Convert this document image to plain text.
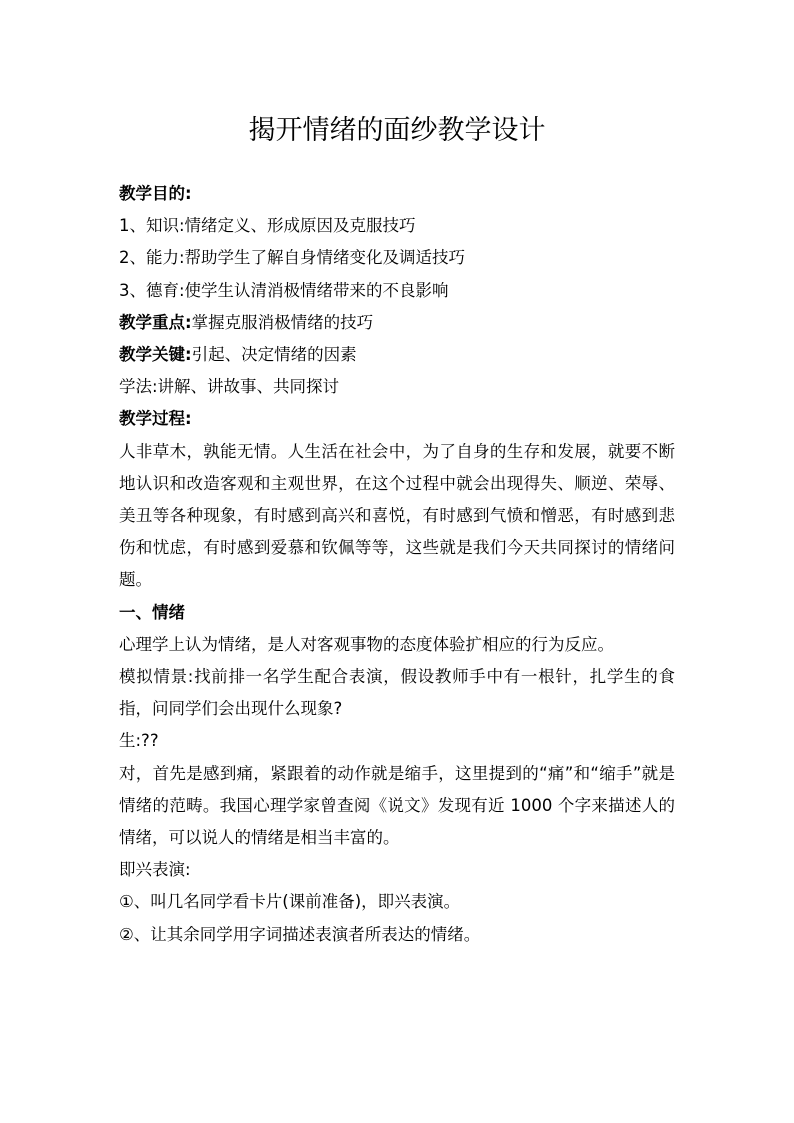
揭开情绪的面纱教学设计

教学目的:

1、知识:情绪定义、形成原因及克服技巧

2、能力:帮助学生了解自身情绪变化及调适技巧

3、德育:使学生认清消极情绪带来的不良影响

教学重点:掌握克服消极情绪的技巧

教学关键:引起、决定情绪的因素

学法:讲解、讲故事、共同探讨

教学过程:

人非草木，孰能无情。人生活在社会中，为了自身的生存和发展，就要不断地认识和改造客观和主观世界，在这个过程中就会出现得失、顺逆、荣辱、美丑等各种现象，有时感到高兴和喜悦，有时感到气愤和憎恶，有时感到悲伤和忧虑，有时感到爱慕和钦佩等等，这些就是我们今天共同探讨的情绪问题。

一、情绪

心理学上认为情绪，是人对客观事物的态度体验扩相应的行为反应。

模拟情景:找前排一名学生配合表演，假设教师手中有一根针，扎学生的食指，问同学们会出现什么现象?

生:??

对，首先是感到痛，紧跟着的动作就是缩手，这里提到的“痛”和“缩手”就是情绪的范畴。我国心理学家曾查阅《说文》发现有近 1000 个字来描述人的情绪，可以说人的情绪是相当丰富的。

即兴表演:

①、叫几名同学看卡片(课前准备)，即兴表演。

②、让其余同学用字词描述表演者所表达的情绪。
